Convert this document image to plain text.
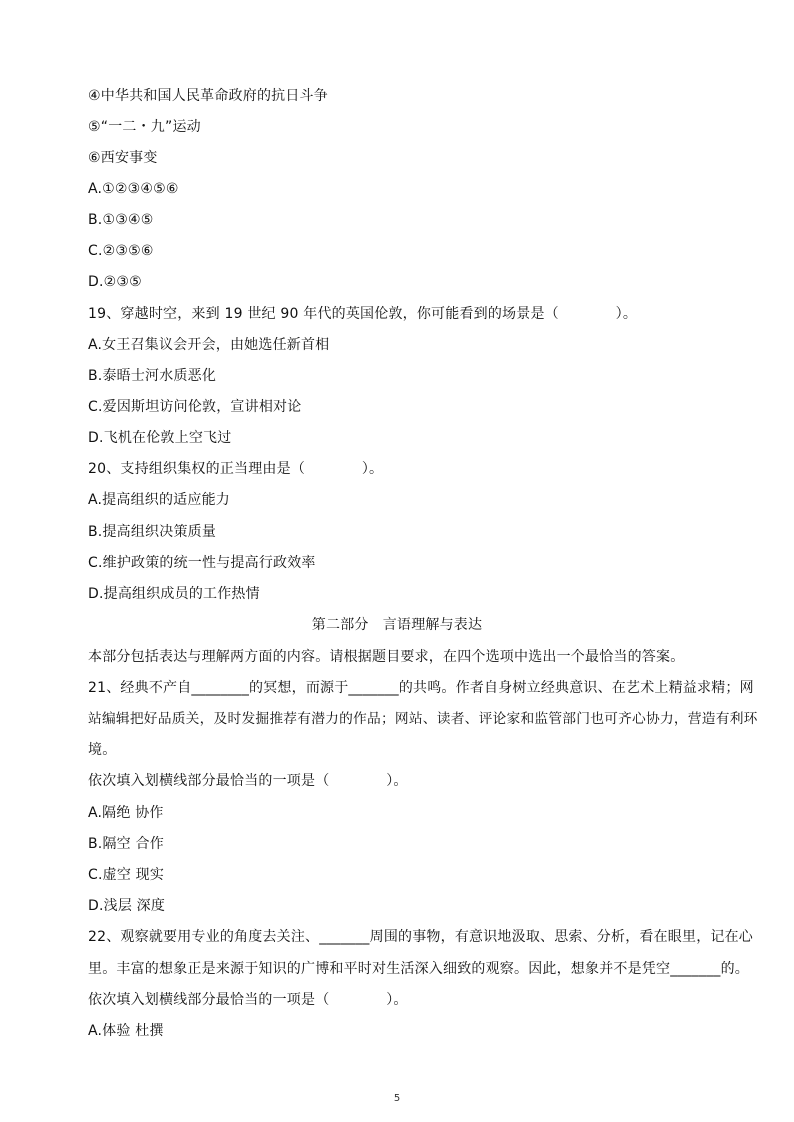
④中华共和国人民革命政府的抗日斗争
⑤“一二・九”运动
⑥西安事变
A.①②③④⑤⑥
B.①③④⑤
C.②③⑤⑥
D.②③⑤
19、穿越时空，来到 19 世纪 90 年代的英国伦敦，你可能看到的场景是（　　　　）。
A.女王召集议会开会，由她选任新首相
B.泰晤士河水质恶化
C.爱因斯坦访问伦敦，宣讲相对论
D.飞机在伦敦上空飞过
20、支持组织集权的正当理由是（　　　　）。
A.提高组织的适应能力
B.提高组织决策质量
C.维护政策的统一性与提高行政效率
D.提高组织成员的工作热情
第二部分　言语理解与表达
本部分包括表达与理解两方面的内容。请根据题目要求，在四个选项中选出一个最恰当的答案。
21、经典不产自________的冥想，而源于_______的共鸣。作者自身树立经典意识、在艺术上精益求精；网
站编辑把好品质关，及时发掘推荐有潜力的作品；网站、读者、评论家和监管部门也可齐心协力，营造有利环
境。
依次填入划横线部分最恰当的一项是（　　　　）。
A.隔绝 协作
B.隔空 合作
C.虚空 现实
D.浅层 深度
22、观察就要用专业的角度去关注、_______周围的事物，有意识地汲取、思索、分析，看在眼里，记在心
里。丰富的想象正是来源于知识的广博和平时对生活深入细致的观察。因此，想象并不是凭空_______的。
依次填入划横线部分最恰当的一项是（　　　　）。
A.体验 杜撰
5
